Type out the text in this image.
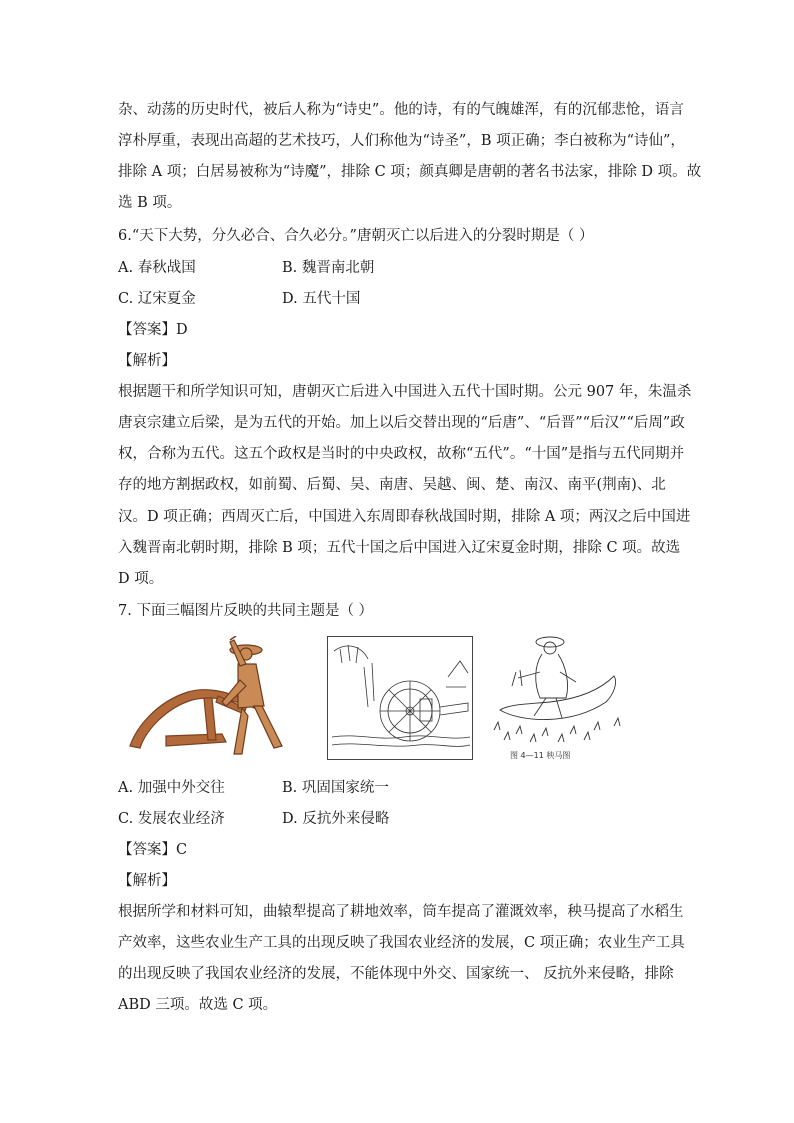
杂、动荡的历史时代，被后人称为“诗史”。他的诗，有的气魄雄浑，有的沉郁悲怆，语言
淳朴厚重，表现出高超的艺术技巧，人们称他为“诗圣”，B 项正确；李白被称为“诗仙”，
排除 A 项；白居易被称为“诗魔”，排除 C 项；颜真卿是唐朝的著名书法家，排除 D 项。故
选 B 项。
6.“天下大势，分久必合、合久必分。”唐朝灭亡以后进入的分裂时期是（ ）
A. 春秋战国	B. 魏晋南北朝
C. 辽宋夏金	D. 五代十国
【答案】D
【解析】
根据题干和所学知识可知，唐朝灭亡后进入中国进入五代十国时期。公元 907 年，朱温杀
唐哀宗建立后梁，是为五代的开始。加上以后交替出现的“后唐”、“后晋”“后汉”“后周”政
权，合称为五代。这五个政权是当时的中央政权，故称“五代”。“十国”是指与五代同期并
存的地方割据政权，如前蜀、后蜀、吴、南唐、吴越、闽、楚、南汉、南平(荆南)、北
汉。D 项正确；西周灭亡后，中国进入东周即春秋战国时期，排除 A 项；两汉之后中国进
入魏晋南北朝时期，排除 B 项；五代十国之后中国进入辽宋夏金时期，排除 C 项。故选
D 项。
7. 下面三幅图片反映的共同主题是（ ）
图 4—11 秧马图
A. 加强中外交往	B. 巩固国家统一
C. 发展农业经济	D. 反抗外来侵略
【答案】C
【解析】
根据所学和材料可知，曲辕犁提高了耕地效率，筒车提高了灌溉效率，秧马提高了水稻生
产效率，这些农业生产工具的出现反映了我国农业经济的发展，C 项正确；农业生产工具
的出现反映了我国农业经济的发展，不能体现中外交、国家统一、 反抗外来侵略，排除
ABD 三项。故选 C 项。
